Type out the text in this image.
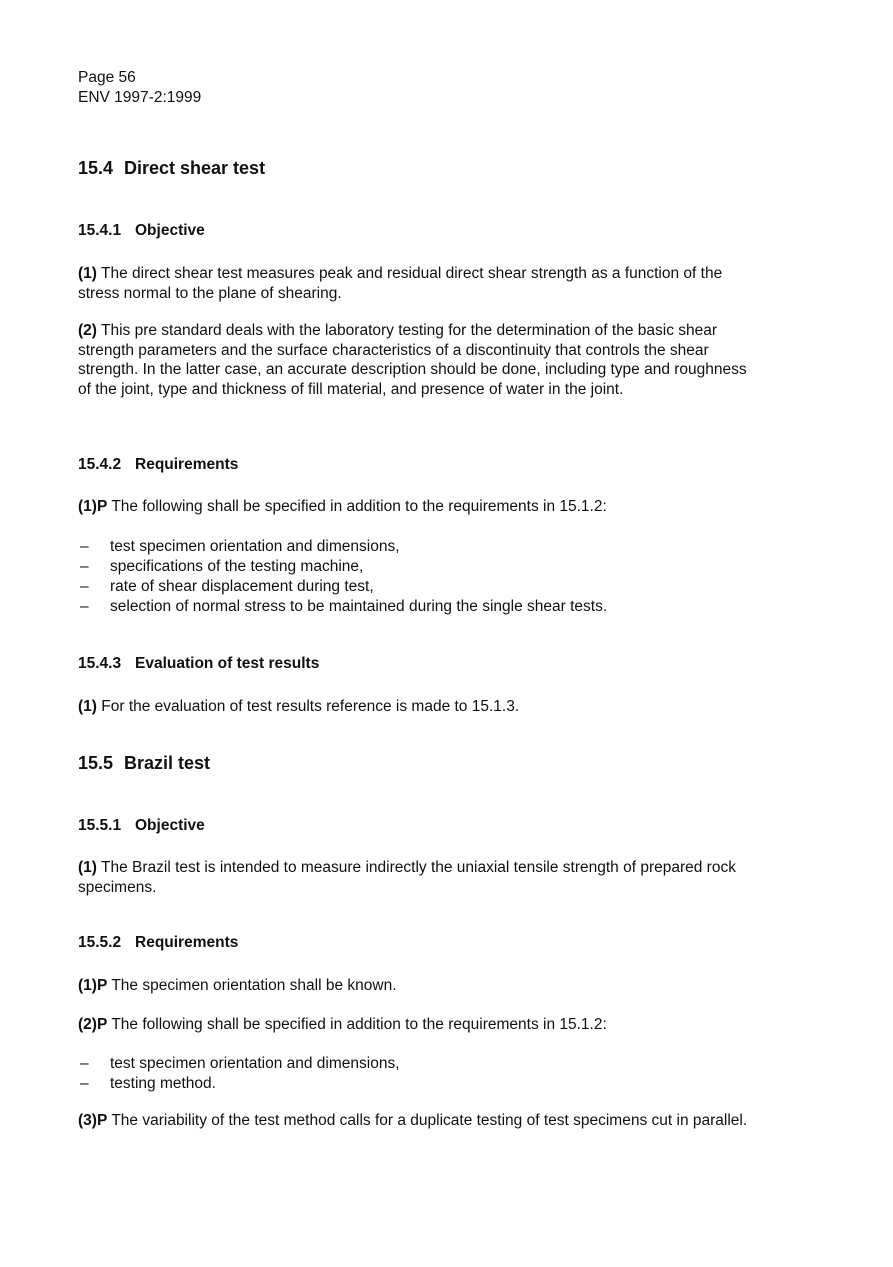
Page 56
ENV 1997-2:1999
15.4 Direct shear test
15.4.1 Objective
(1) The direct shear test measures peak and residual direct shear strength as a function of the stress normal to the plane of shearing.
(2) This pre standard deals with the laboratory testing for the determination of the basic shear strength parameters and the surface characteristics of a discontinuity that controls the shear strength. In the latter case, an accurate description should be done, including type and roughness of the joint, type and thickness of fill material, and presence of water in the joint.
15.4.2 Requirements
(1)P The following shall be specified in addition to the requirements in 15.1.2:
– test specimen orientation and dimensions,
– specifications of the testing machine,
– rate of shear displacement during test,
– selection of normal stress to be maintained during the single shear tests.
15.4.3 Evaluation of test results
(1) For the evaluation of test results reference is made to 15.1.3.
15.5 Brazil test
15.5.1 Objective
(1) The Brazil test is intended to measure indirectly the uniaxial tensile strength of prepared rock specimens.
15.5.2 Requirements
(1)P The specimen orientation shall be known.
(2)P The following shall be specified in addition to the requirements in 15.1.2:
– test specimen orientation and dimensions,
– testing method.
(3)P The variability of the test method calls for a duplicate testing of test specimens cut in parallel.
